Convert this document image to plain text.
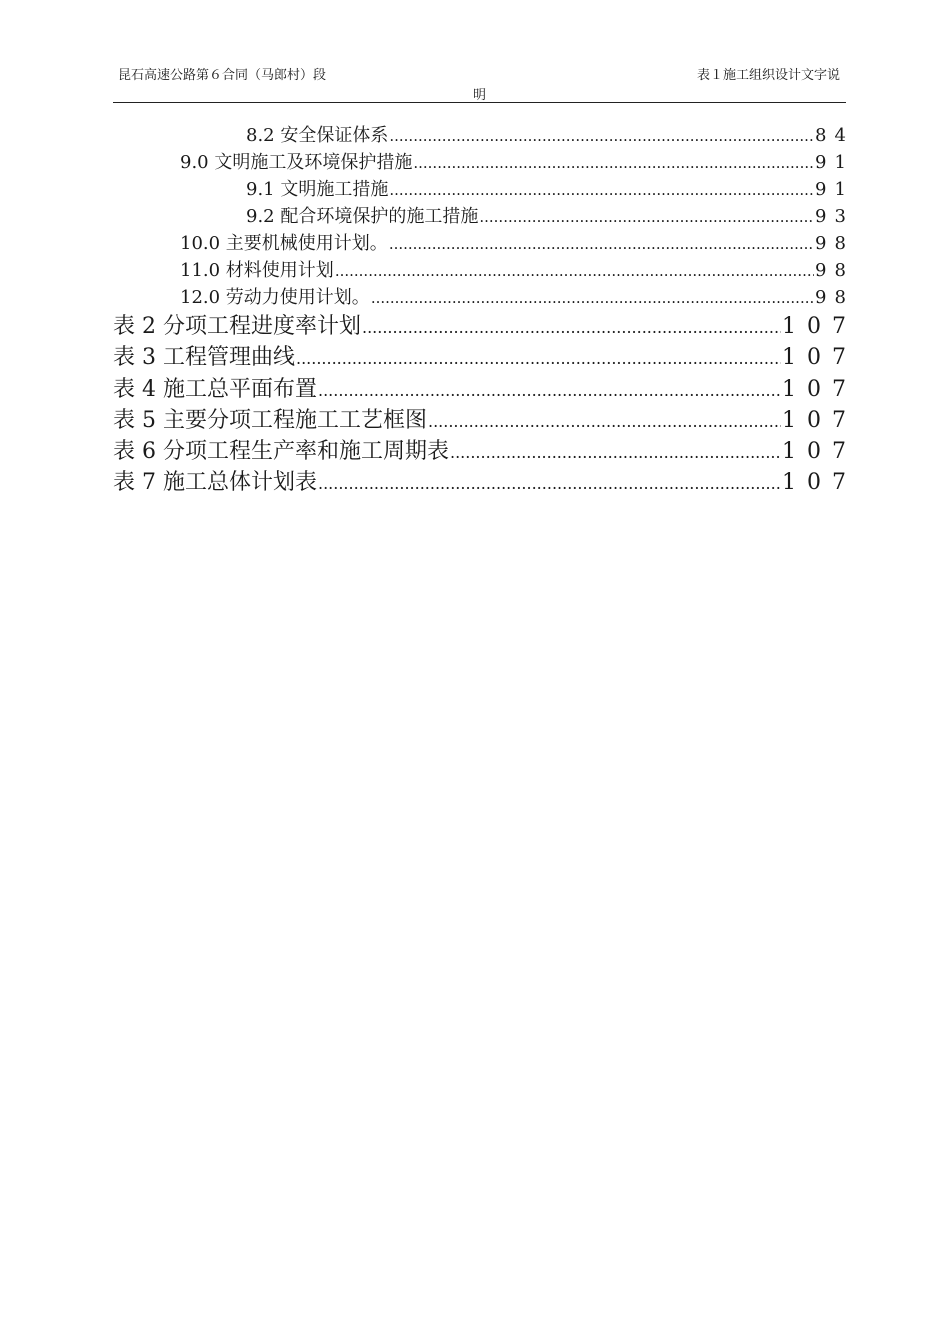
昆石高速公路第６合同（马郎村）段	表１施工组织设计文字说
明
8.2 安全保证体系 .....	84
9.0 文明施工及环境保护措施 .....	91
9.1 文明施工措施 .....	91
9.2 配合环境保护的施工措施 .....	93
10.0 主要机械使用计划。 .....	98
11.0 材料使用计划 .....	98
12.0 劳动力使用计划。 .....	98
表 2 分项工程进度率计划 .....	107
表 3 工程管理曲线 .....	107
表 4 施工总平面布置 .....	107
表 5 主要分项工程施工工艺框图 .....	107
表 6 分项工程生产率和施工周期表 .....	107
表 7 施工总体计划表 .....	107
